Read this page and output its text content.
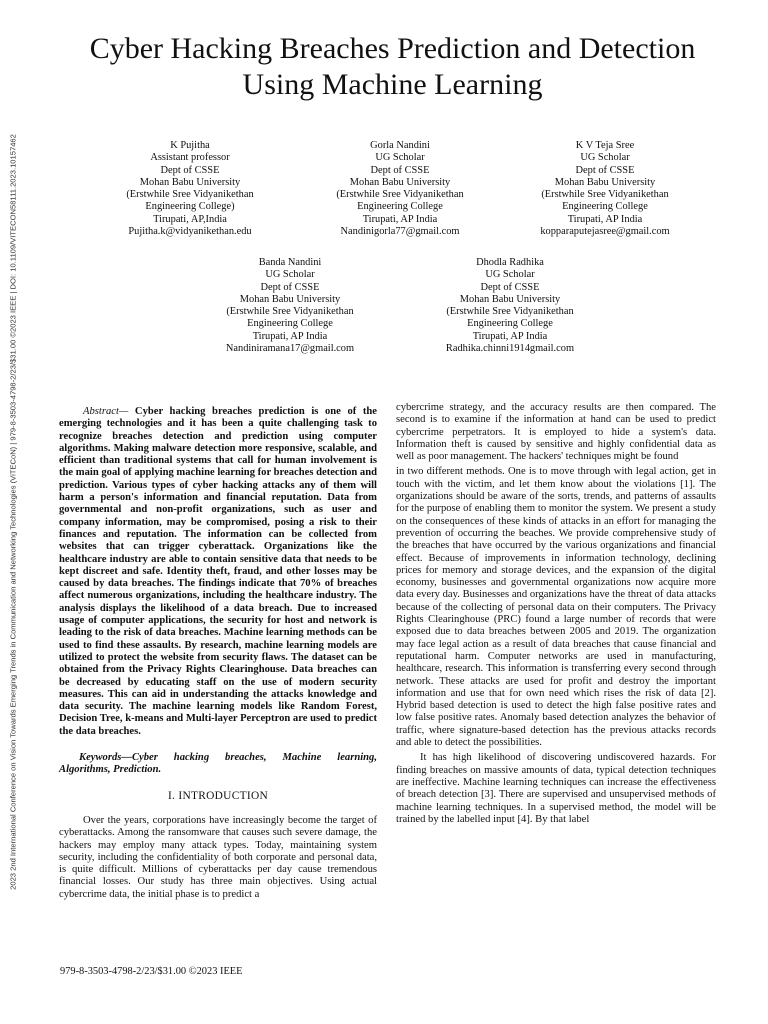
2023 2nd International Conference on Vision Towards Emerging Trends in Communication and Networking Technologies (ViTECoN) | 979-8-3503-4798-2/23/$31.00 ©2023 IEEE | DOI: 10.1109/VITECON58111.2023.10157462
Cyber Hacking Breaches Prediction and Detection
Using Machine Learning
K Pujitha
Assistant professor
Dept of CSSE
Mohan Babu University
(Erstwhile Sree Vidyanikethan
Engineering College)
Tirupati, AP,India
Pujitha.k@vidyanikethan.edu
Gorla Nandini
UG Scholar
Dept of CSSE
Mohan Babu University
(Erstwhile Sree Vidyanikethan
Engineering College
Tirupati, AP India
Nandinigorla77@gmail.com
K V Teja Sree
UG Scholar
Dept of CSSE
Mohan Babu University
(Erstwhile Sree Vidyanikethan
Engineering College
Tirupati, AP India
kopparaputejasree@gmail.com
Banda Nandini
UG Scholar
Dept of CSSE
Mohan Babu University
(Erstwhile Sree Vidyanikethan
Engineering College
Tirupati, AP India
Nandiniramana17@gmail.com
Dhodla Radhika
UG Scholar
Dept of CSSE
Mohan Babu University
(Erstwhile Sree Vidyanikethan
Engineering College
Tirupati, AP India
Radhika.chinni1914gmail.com

Abstract— Cyber hacking breaches prediction is one of the emerging technologies and it has been a quite challenging task to recognize breaches detection and prediction using computer algorithms. Making malware detection more responsive, scalable, and efficient than traditional systems that call for human involvement is the main goal of applying machine learning for breaches detection and prediction. Various types of cyber hacking attacks any of them will harm a person's information and financial reputation. Data from governmental and non-profit organizations, such as user and company information, may be compromised, posing a risk to their finances and reputation. The information can be collected from websites that can trigger cyberattack. Organizations like the healthcare industry are able to contain sensitive data that needs to be kept discreet and safe. Identity theft, fraud, and other losses may be caused by data breaches. The findings indicate that 70% of breaches affect numerous organizations, including the healthcare industry. The analysis displays the likelihood of a data breach. Due to increased usage of computer applications, the security for host and network is leading to the risk of data breaches. Machine learning methods can be used to find these assaults. By research, machine learning models are utilized to protect the website from security flaws. The dataset can be obtained from the Privacy Rights Clearinghouse. Data breaches can be decreased by educating staff on the use of modern security measures. This can aid in understanding the attacks knowledge and data security. The machine learning models like Random Forest, Decision Tree, k-means and Multi-layer Perceptron are used to predict the data breaches.

Keywords—Cyber hacking breaches, Machine learning, Algorithms, Prediction.

I. INTRODUCTION

Over the years, corporations have increasingly become the target of cyberattacks. Among the ransomware that causes such severe damage, the hackers may employ many attack types. Today, maintaining system security, including the confidentiality of both corporate and personal data, is quite difficult. Millions of cyberattacks per day cause tremendous financial losses. Our study has three main objectives. Using actual cybercrime data, the initial phase is to predict a

cybercrime strategy, and the accuracy results are then compared. The second is to examine if the information at hand can be used to predict cybercrime perpetrators. It is employed to hide a system's data. Information theft is caused by sensitive and highly confidential data as well as poor management. The hackers' techniques might be found

in two different methods. One is to move through with legal action, get in touch with the victim, and let them know about the violations [1]. The organizations should be aware of the sorts, trends, and patterns of assaults for the purpose of enabling them to monitor the system. We present a study on the consequences of these kinds of attacks in an effort for managing the prevention of occurring the beaches. We provide comprehensive study of the breaches that have occurred by the various organizations and financial effect. Because of improvements in information technology, declining prices for memory and storage devices, and the expansion of the digital economy, businesses and governmental organizations now acquire more data every day. Businesses and organizations have the threat of data attacks because of the collecting of personal data on their computers. The Privacy Rights Clearinghouse (PRC) found a large number of records that were exposed due to data breaches between 2005 and 2019. The organization may face legal action as a result of data breaches that cause financial and reputational harm. Computer networks are used in manufacturing, healthcare, research. This information is transferring every second through network. These attacks are used for profit and destroy the important information and use that for own need which rises the risk of data [2]. Hybrid based detection is used to detect the high false positive rates and low false positive rates. Anomaly based detection analyzes the behavior of traffic, where signature-based detection has the previous attacks records and able to detect the possibilities.

It has high likelihood of discovering undiscovered hazards. For finding breaches on massive amounts of data, typical detection techniques are ineffective. Machine learning techniques can increase the effectiveness of breach detection [3]. There are supervised and unsupervised methods of machine learning techniques. In a supervised method, the model will be trained by the labelled input [4]. By that label

979-8-3503-4798-2/23/$31.00 ©2023 IEEE
